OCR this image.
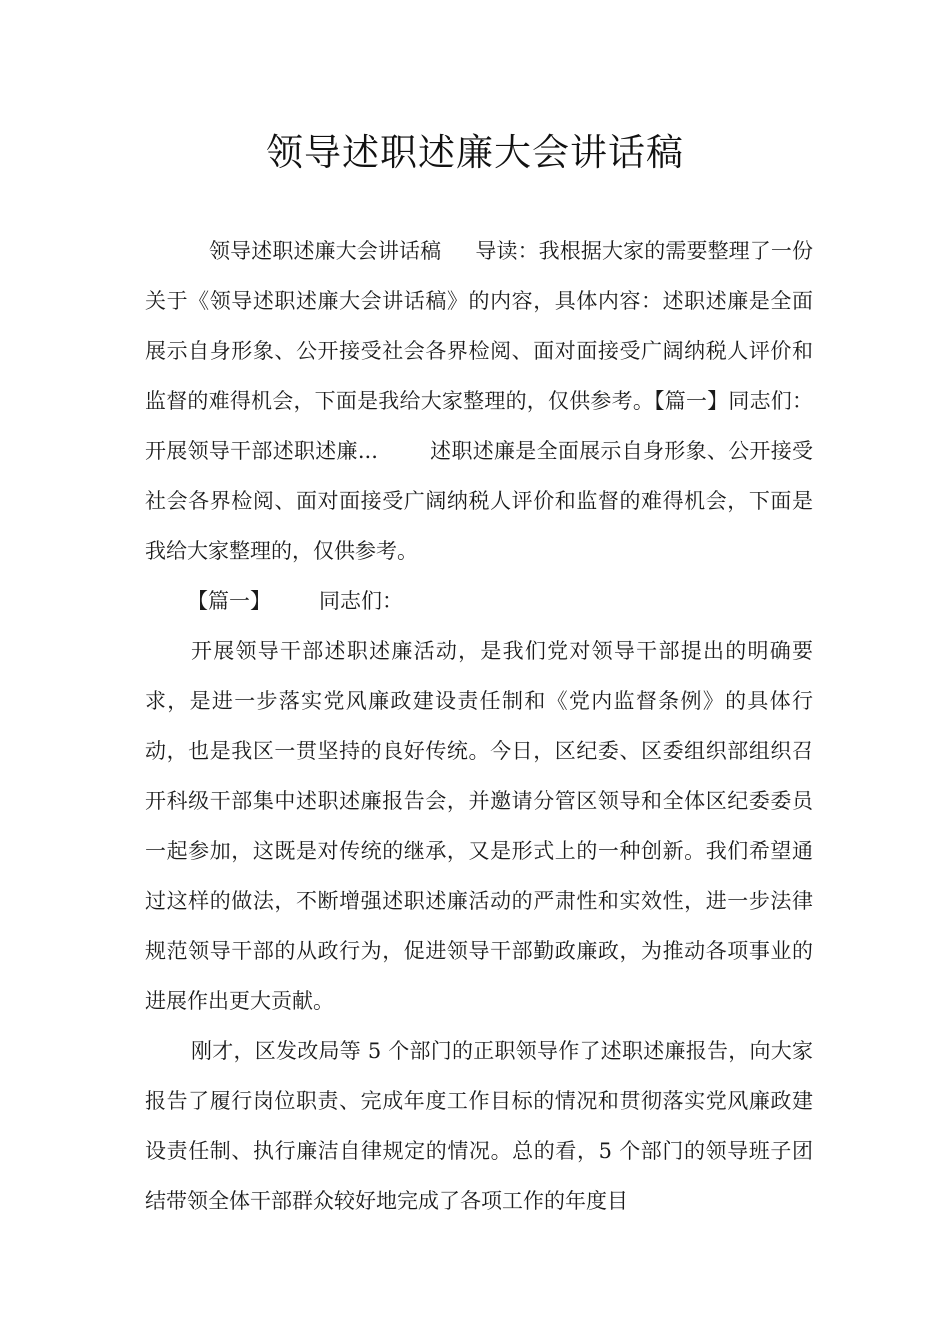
领导述职述廉大会讲话稿

领导述职述廉大会讲话稿 导读：我根据大家的需要整理了一份关于《领导述职述廉大会讲话稿》的内容，具体内容：述职述廉是全面展示自身形象、公开接受社会各界检阅、面对面接受广阔纳税人评价和监督的难得机会，下面是我给大家整理的，仅供参考。【篇一】同志们：开展领导干部述职述廉... 述职述廉是全面展示自身形象、公开接受社会各界检阅、面对面接受广阔纳税人评价和监督的难得机会，下面是我给大家整理的，仅供参考。

【篇一】 同志们：

开展领导干部述职述廉活动，是我们党对领导干部提出的明确要求，是进一步落实党风廉政建设责任制和《党内监督条例》的具体行动，也是我区一贯坚持的良好传统。今日，区纪委、区委组织部组织召开科级干部集中述职述廉报告会，并邀请分管区领导和全体区纪委委员一起参加，这既是对传统的继承，又是形式上的一种创新。我们希望通过这样的做法，不断增强述职述廉活动的严肃性和实效性，进一步法律规范领导干部的从政行为，促进领导干部勤政廉政，为推动各项事业的进展作出更大贡献。

刚才，区发改局等 5 个部门的正职领导作了述职述廉报告，向大家报告了履行岗位职责、完成年度工作目标的情况和贯彻落实党风廉政建设责任制、执行廉洁自律规定的情况。总的看，5 个部门的领导班子团结带领全体干部群众较好地完成了各项工作的年度目
